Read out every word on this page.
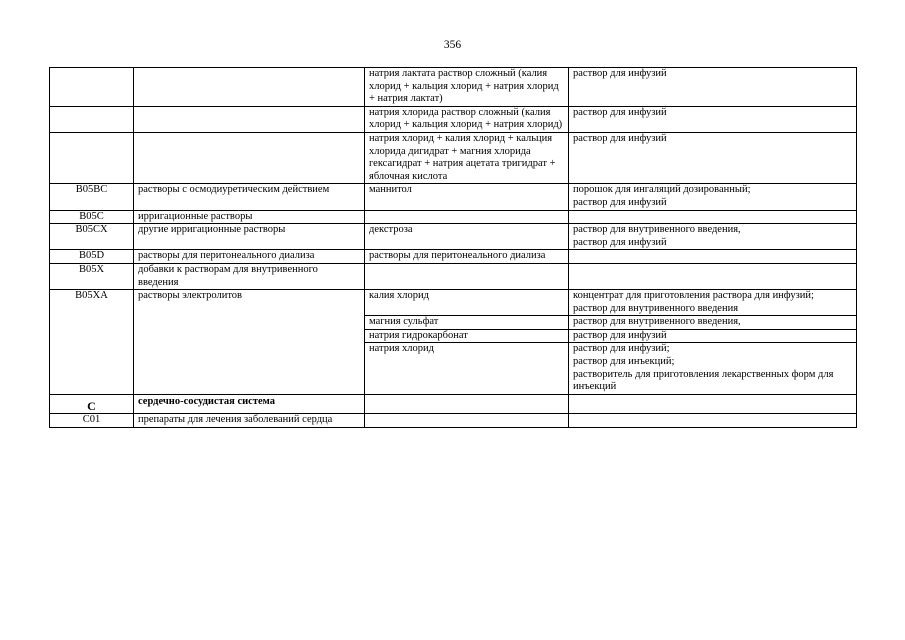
356
		натрия лактата раствор сложный (калия хлорид + кальция хлорид + натрия хлорид + натрия лактат)	раствор для инфузий
		натрия хлорида раствор сложный (калия хлорид + кальция хлорид + натрия хлорид)	раствор для инфузий
		натрия хлорид + калия хлорид + кальция хлорида дигидрат + магния хлорида гексагидрат + натрия ацетата тригидрат + яблочная кислота	раствор для инфузий
B05BC	растворы с осмодиуретическим действием	маннитол	порошок для ингаляций дозированный;
раствор для инфузий
B05C	ирригационные растворы		
B05CX	другие ирригационные растворы	декстроза	раствор для внутривенного введения,
раствор для инфузий
B05D	растворы для перитонеального диализа	растворы для перитонеального диализа	
B05X	добавки к растворам для внутривенного введения		
B05XA	растворы электролитов	калия хлорид	концентрат для приготовления раствора для инфузий;
раствор для внутривенного введения
		магния сульфат	раствор для внутривенного введения,
		натрия гидрокарбонат	раствор для инфузий
		натрия хлорид	раствор для инфузий;
раствор для инъекций;
растворитель для приготовления лекарственных форм для инъекций
C	сердечно-сосудистая система		
C01	препараты для лечения заболеваний сердца		
